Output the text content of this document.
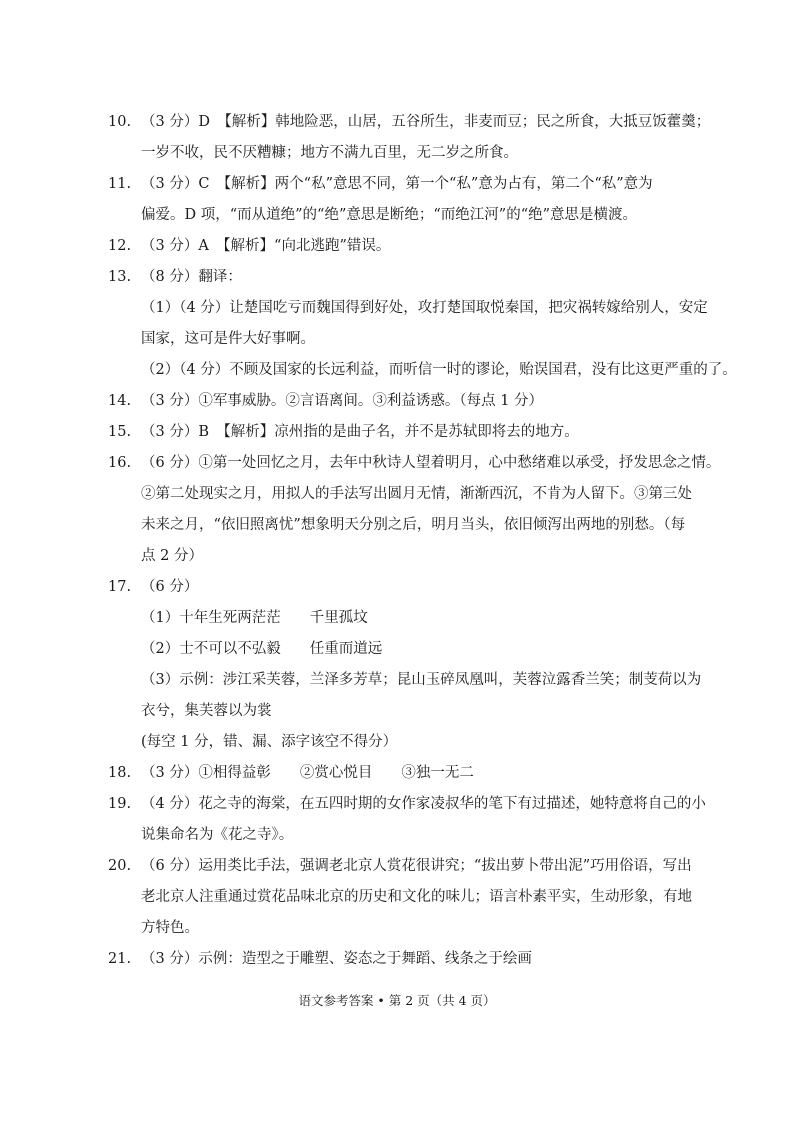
10. （3 分）D　【解析】韩地险恶，山居，五谷所生，非麦而豆；民之所食，大抵豆饭藿羹；
一岁不收，民不厌糟糠；地方不满九百里，无二岁之所食。
11. （3 分）C　【解析】两个“私”意思不同，第一个“私”意为占有，第二个“私”意为
偏爱。D 项，“而从道绝”的“绝”意思是断绝；“而绝江河”的“绝”意思是横渡。
12. （3 分）A　【解析】“向北逃跑”错误。
13. （8 分）翻译：
（1）（4 分）让楚国吃亏而魏国得到好处，攻打楚国取悦秦国，把灾祸转嫁给别人，安定
国家，这可是件大好事啊。
（2）（4 分）不顾及国家的长远利益，而听信一时的谬论，贻误国君，没有比这更严重的了。
14. （3 分）①军事威胁。②言语离间。③利益诱惑。（每点 1 分）
15. （3 分）B　【解析】凉州指的是曲子名，并不是苏轼即将去的地方。
16. （6 分）①第一处回忆之月，去年中秋诗人望着明月，心中愁绪难以承受，抒发思念之情。
②第二处现实之月，用拟人的手法写出圆月无情，渐渐西沉，不肯为人留下。③第三处
未来之月，“依旧照离忧”想象明天分别之后，明月当头，依旧倾泻出两地的别愁。（每
点 2 分）
17. （6 分）
（1）十年生死两茫茫　　千里孤坟
（2）士不可以不弘毅　　任重而道远
（3）示例：涉江采芙蓉，兰泽多芳草；昆山玉碎凤凰叫，芙蓉泣露香兰笑；制芰荷以为
衣兮，集芙蓉以为裳
(每空 1 分，错、漏、添字该空不得分）
18. （3 分）①相得益彰　　②赏心悦目　　③独一无二
19. （4 分）花之寺的海棠，在五四时期的女作家凌叔华的笔下有过描述，她特意将自己的小
说集命名为《花之寺》。
20. （6 分）运用类比手法，强调老北京人赏花很讲究；“拔出萝卜带出泥”巧用俗语，写出
老北京人注重通过赏花品味北京的历史和文化的味儿；语言朴素平实，生动形象，有地
方特色。
21. （3 分）示例：造型之于雕塑、姿态之于舞蹈、线条之于绘画
语文参考答案 • 第 2 页（共 4 页）
